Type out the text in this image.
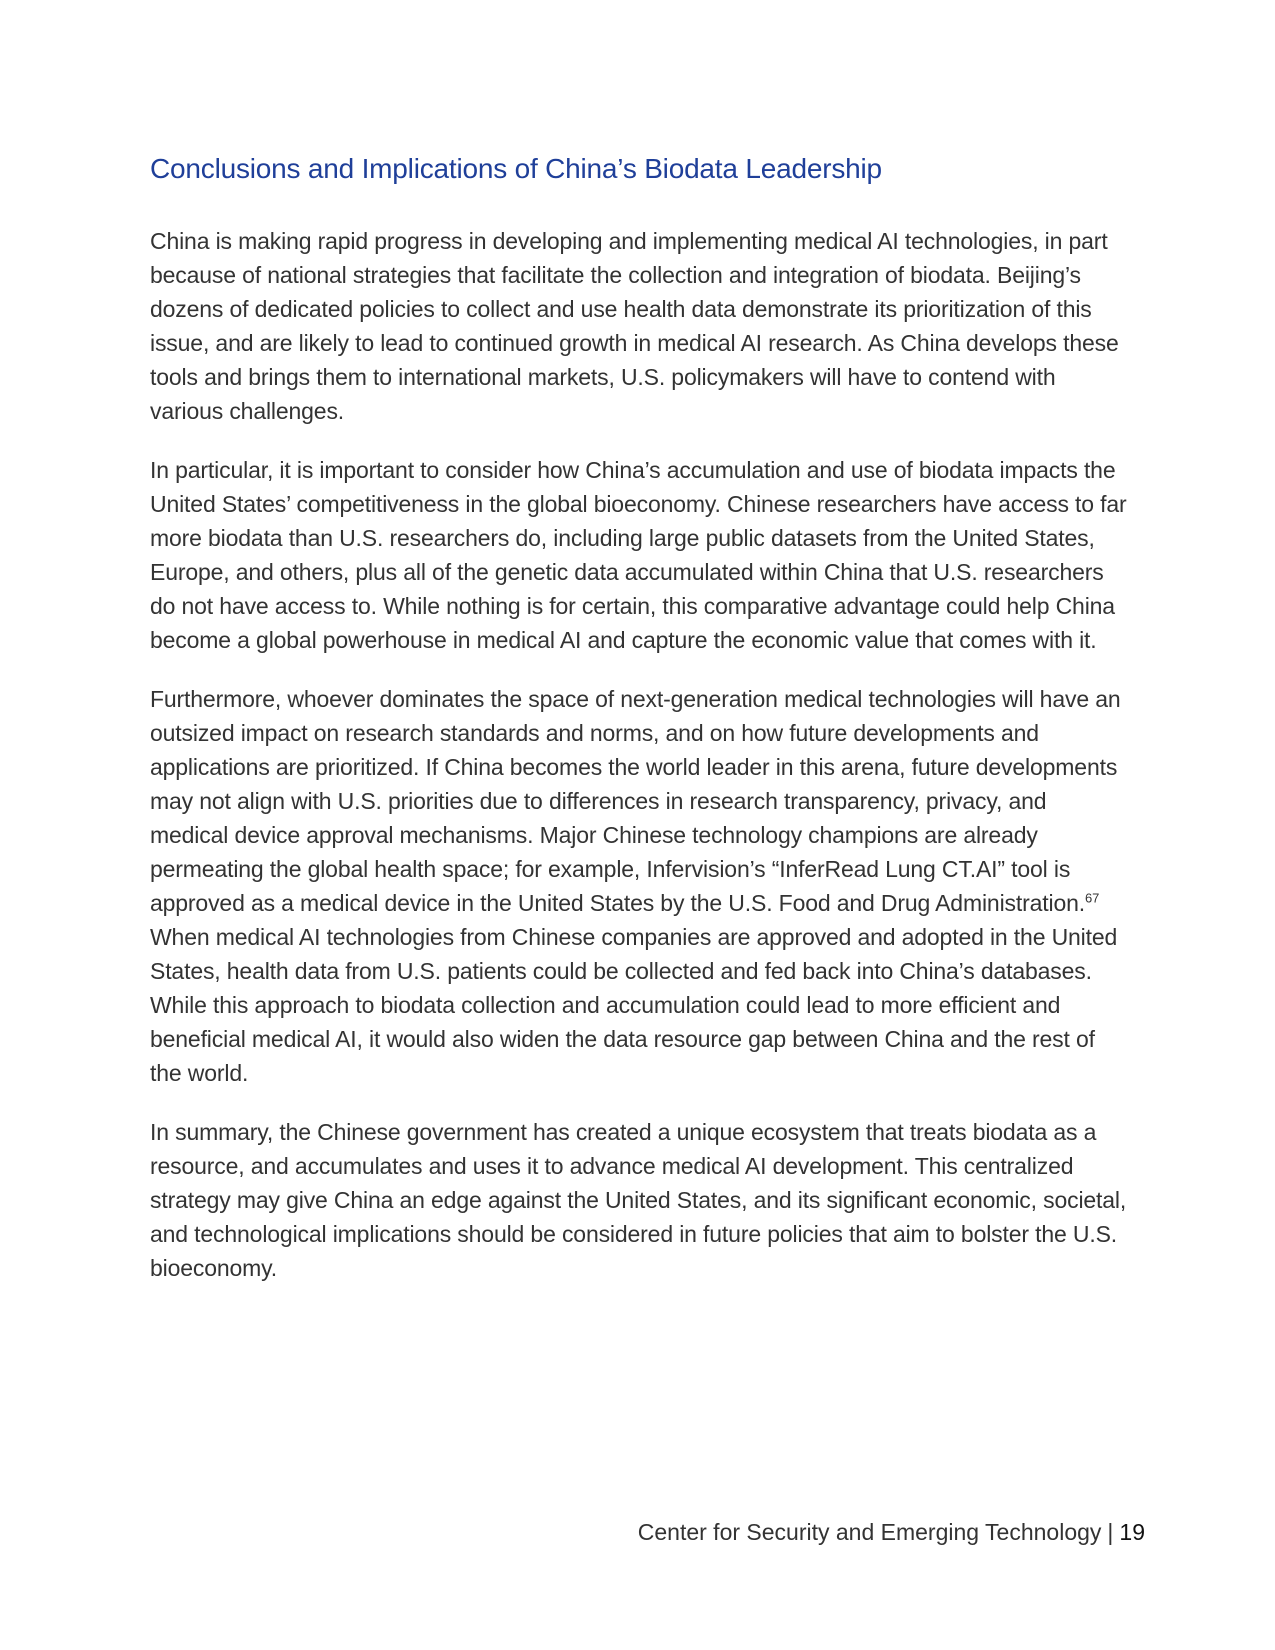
Conclusions and Implications of China’s Biodata Leadership

China is making rapid progress in developing and implementing medical AI technologies, in part because of national strategies that facilitate the collection and integration of biodata. Beijing’s dozens of dedicated policies to collect and use health data demonstrate its prioritization of this issue, and are likely to lead to continued growth in medical AI research. As China develops these tools and brings them to international markets, U.S. policymakers will have to contend with various challenges.

In particular, it is important to consider how China’s accumulation and use of biodata impacts the United States’ competitiveness in the global bioeconomy. Chinese researchers have access to far more biodata than U.S. researchers do, including large public datasets from the United States, Europe, and others, plus all of the genetic data accumulated within China that U.S. researchers do not have access to. While nothing is for certain, this comparative advantage could help China become a global powerhouse in medical AI and capture the economic value that comes with it.

Furthermore, whoever dominates the space of next-generation medical technologies will have an outsized impact on research standards and norms, and on how future developments and applications are prioritized. If China becomes the world leader in this arena, future developments may not align with U.S. priorities due to differences in research transparency, privacy, and medical device approval mechanisms. Major Chinese technology champions are already permeating the global health space; for example, Infervision’s “InferRead Lung CT.AI” tool is approved as a medical device in the United States by the U.S. Food and Drug Administration.$^{67}$ When medical AI technologies from Chinese companies are approved and adopted in the United States, health data from U.S. patients could be collected and fed back into China’s databases. While this approach to biodata collection and accumulation could lead to more efficient and beneficial medical AI, it would also widen the data resource gap between China and the rest of the world.

In summary, the Chinese government has created a unique ecosystem that treats biodata as a resource, and accumulates and uses it to advance medical AI development. This centralized strategy may give China an edge against the United States, and its significant economic, societal, and technological implications should be considered in future policies that aim to bolster the U.S. bioeconomy.

Center for Security and Emerging Technology | 19
